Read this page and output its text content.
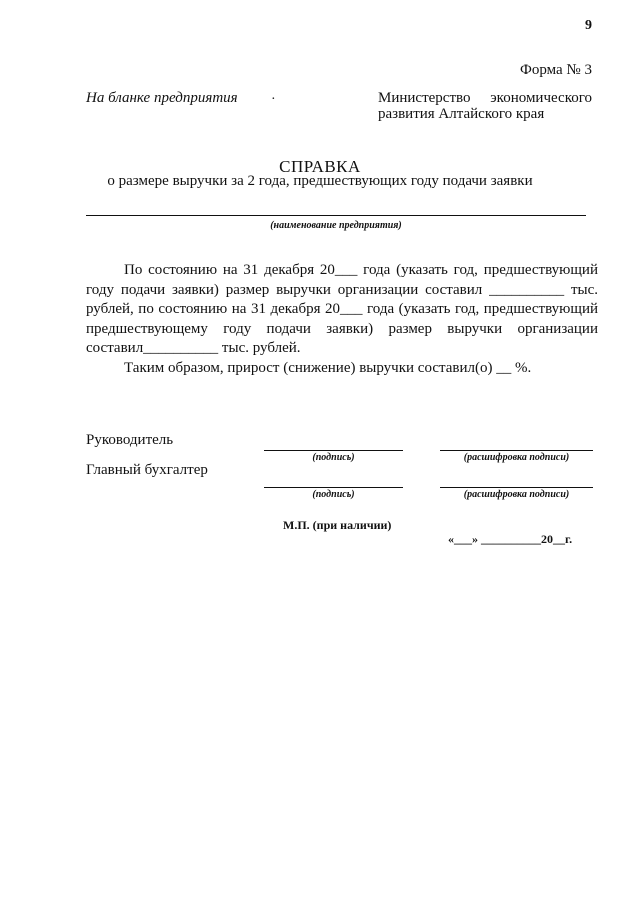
9
Форма № 3
На бланке предприятия ·	Министерство экономического
развития Алтайского края
СПРАВКА
о размере выручки за 2 года, предшествующих году подачи заявки
(наименование предприятия)

По состоянию на 31 декабря 20___ года (указать год, предшествующий году подачи заявки) размер выручки организации составил __________ тыс. рублей, по состоянию на 31 декабря 20___ года (указать год, предшествующий предшествующему году подачи заявки) размер выручки организации составил__________ тыс. рублей.

Таким образом, прирост (снижение) выручки составил(о) __ %.

Руководитель
(подпись)	(расшифровка подписи)
Главный бухгалтер
(подпись)	(расшифровка подписи)
М.П. (при наличии)
«___» __________20__г.
